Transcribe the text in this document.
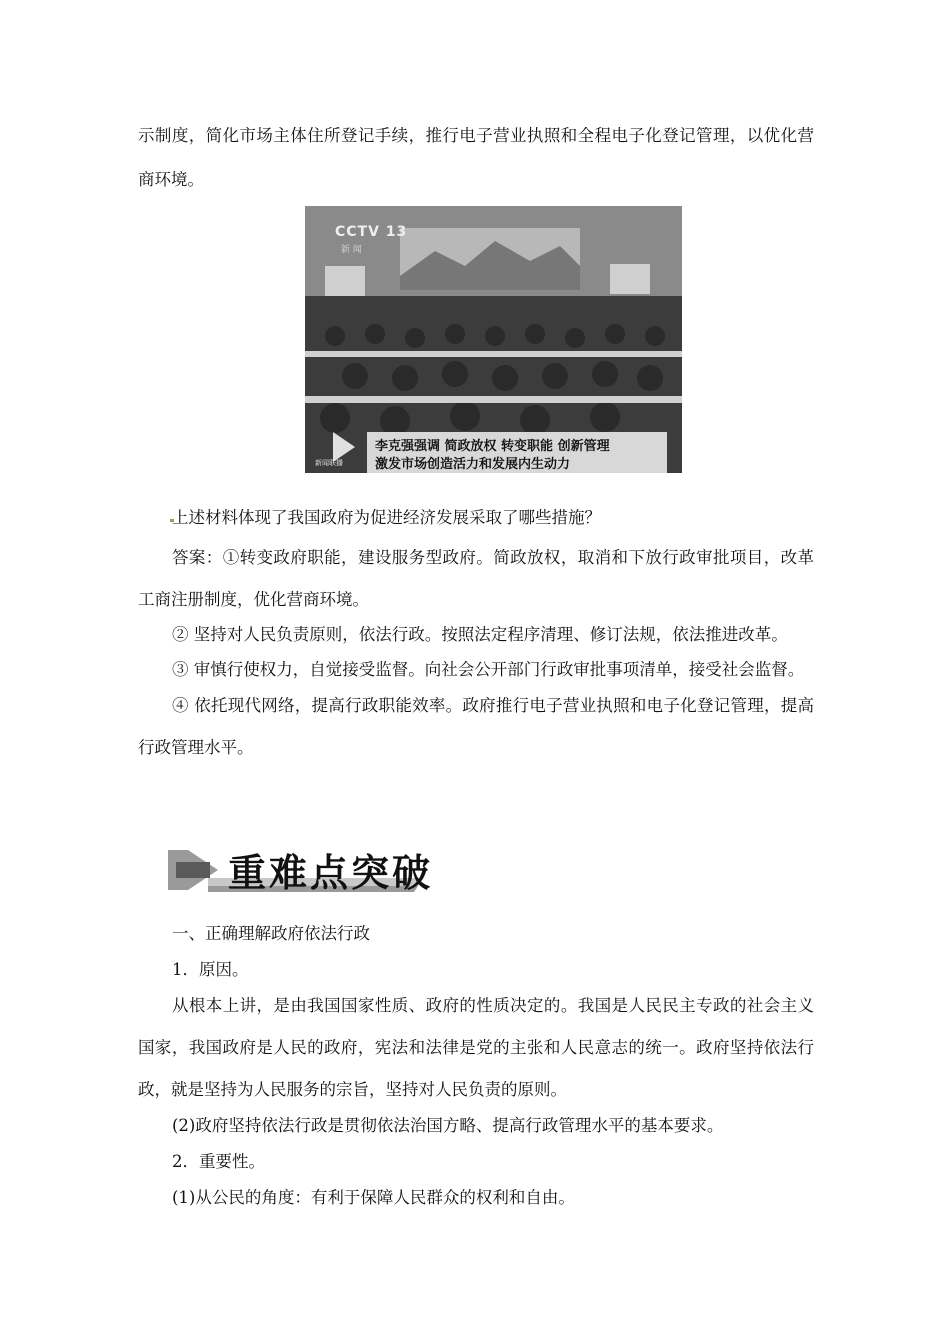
示制度，简化市场主体住所登记手续，推行电子营业执照和全程电子化登记管理，以优化营
商环境。
CCTV 13
新 闻
李克强强调 简政放权 转变职能 创新管理
激发市场创造活力和发展内生动力
新闻联播
上述材料体现了我国政府为促进经济发展采取了哪些措施？
答案：①转变政府职能，建设服务型政府。简政放权，取消和下放行政审批项目，改革
工商注册制度，优化营商环境。
② 坚持对人民负责原则，依法行政。按照法定程序清理、修订法规，依法推进改革。
③ 审慎行使权力，自觉接受监督。向社会公开部门行政审批事项清单，接受社会监督。
④ 依托现代网络，提高行政职能效率。政府推行电子营业执照和电子化登记管理，提高
行政管理水平。
重难点突破
一、正确理解政府依法行政
1．原因。
从根本上讲，是由我国国家性质、政府的性质决定的。我国是人民民主专政的社会主义
国家，我国政府是人民的政府，宪法和法律是党的主张和人民意志的统一。政府坚持依法行
政，就是坚持为人民服务的宗旨，坚持对人民负责的原则。
(2)政府坚持依法行政是贯彻依法治国方略、提高行政管理水平的基本要求。
2．重要性。
(1)从公民的角度：有利于保障人民群众的权利和自由。
